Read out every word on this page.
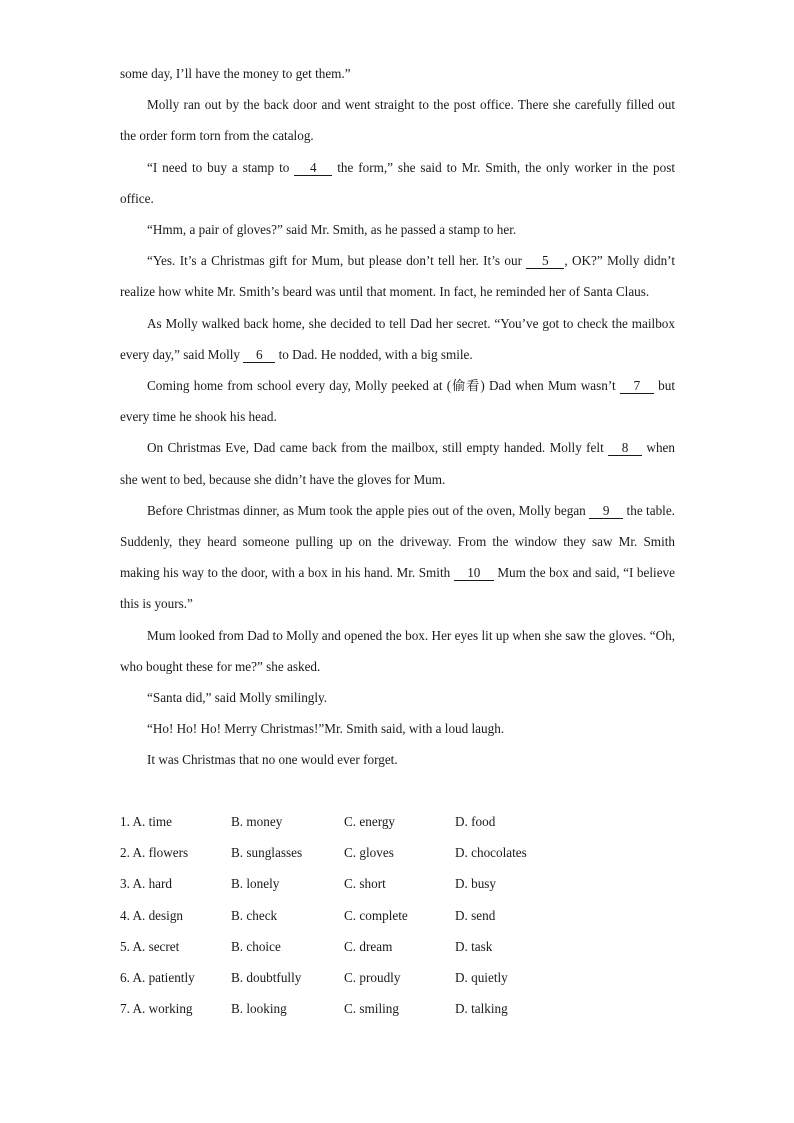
some day, I’ll have the money to get them.”

Molly ran out by the back door and went straight to the post office. There she carefully filled out the order form torn from the catalog.

“I need to buy a stamp to 4 the form,” she said to Mr. Smith, the only worker in the post office.

“Hmm, a pair of gloves?” said Mr. Smith, as he passed a stamp to her.

“Yes. It’s a Christmas gift for Mum, but please don’t tell her. It’s our 5 , OK?” Molly didn’t realize how white Mr. Smith’s beard was until that moment. In fact, he reminded her of Santa Claus.

As Molly walked back home, she decided to tell Dad her secret. “You’ve got to check the mailbox every day,” said Molly 6 to Dad. He nodded, with a big smile.

Coming home from school every day, Molly peeked at (偷看) Dad when Mum wasn’t 7 but every time he shook his head.

On Christmas Eve, Dad came back from the mailbox, still empty handed. Molly felt 8 when she went to bed, because she didn’t have the gloves for Mum.

Before Christmas dinner, as Mum took the apple pies out of the oven, Molly began 9 the table. Suddenly, they heard someone pulling up on the driveway. From the window they saw Mr. Smith making his way to the door, with a box in his hand. Mr. Smith 10 Mum the box and said, “I believe this is yours.”

Mum looked from Dad to Molly and opened the box. Her eyes lit up when she saw the gloves. “Oh, who bought these for me?” she asked.

“Santa did,” said Molly smilingly.

“Ho! Ho! Ho! Merry Christmas!”Mr. Smith said, with a loud laugh.

It was Christmas that no one would ever forget.

1. A. time	B. money	C. energy	D. food
2. A. flowers	B. sunglasses	C. gloves	D. chocolates
3. A. hard	B. lonely	C. short	D. busy
4. A. design	B. check	C. complete	D. send
5. A. secret	B. choice	C. dream	D. task
6. A. patiently	B. doubtfully	C. proudly	D. quietly
7. A. working	B. looking	C. smiling	D. talking
